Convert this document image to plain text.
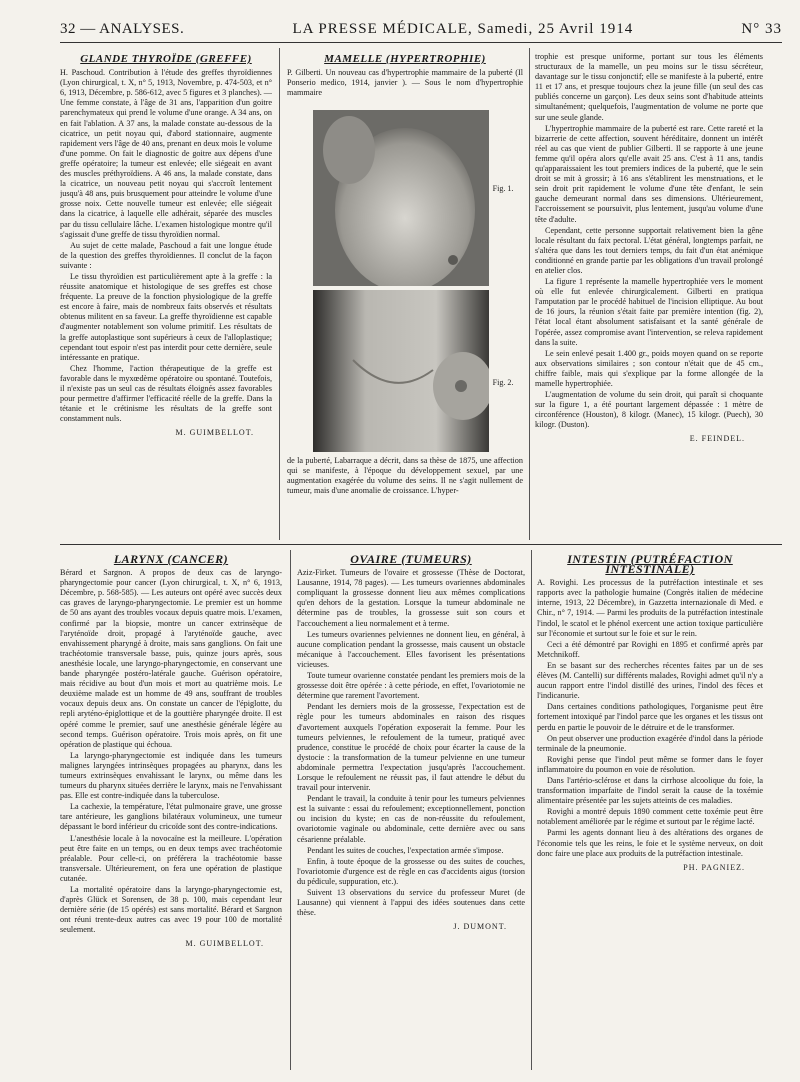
32 — ANALYSES.	LA PRESSE MÉDICALE, Samedi, 25 Avril 1914	N° 33
GLANDE THYROÏDE (GREFFE)

H. Paschoud. Contribution à l'étude des greffes thyroïdiennes (Lyon chirurgical, t. X, n° 5, 1913, Novembre, p. 474-503, et n° 6, 1913, Décembre, p. 586-612, avec 5 figures et 3 planches). — Une femme constate, à l'âge de 31 ans, l'apparition d'un goitre parenchymateux qui prend le volume d'une orange. A 34 ans, on en fait l'ablation. A 37 ans, la malade constate au-dessous de la cicatrice, un petit noyau qui, d'abord stationnaire, augmente rapidement vers l'âge de 40 ans, prenant en deux mois le volume d'une pomme. On fait le diagnostic de goitre aux dépens d'une greffe opératoire; la tumeur est enlevée; elle siégeait en avant des muscles préthyroïdiens. A 46 ans, la malade constate, dans la cicatrice, un nouveau petit noyau qui s'accroît lentement jusqu'à 48 ans, puis brusquement pour atteindre le volume d'une grosse noix. Cette nouvelle tumeur est enlevée; elle siégeait dans la cicatrice, à laquelle elle adhérait, séparée des muscles par du tissu cellulaire lâche. L'examen histologique montre qu'il s'agissait d'une greffe de tissu thyroïdien normal.

Au sujet de cette malade, Paschoud a fait une longue étude de la question des greffes thyroïdiennes. Il conclut de la façon suivante :

Le tissu thyroïdien est particulièrement apte à la greffe : la réussite anatomique et histologique de ses greffes est chose fréquente. La preuve de la fonction physiologique de la greffe est encore à faire, mais de nombreux faits observés et résultats obtenus militent en sa faveur. La greffe thyroïdienne est capable d'augmenter notablement son volume primitif. Les résultats de la greffe autoplastique sont supérieurs à ceux de l'alloplastique; cependant tout espoir n'est pas interdit pour cette dernière, seule intéressante en pratique.

Chez l'homme, l'action thérapeutique de la greffe est favorable dans le myxœdème opératoire ou spontané. Toutefois, il n'existe pas un seul cas de résultats éloignés assez favorables pour permettre d'affirmer l'efficacité réelle de la greffe. Dans la tétanie et le crétinisme les résultats de la greffe sont constamment nuls.

M. GUIMBELLOT.
MAMELLE (HYPERTROPHIE)

P. Gilberti. Un nouveau cas d'hypertrophie mammaire de la puberté (Il Ponserio medico, 1914, janvier ). — Sous le nom d'hypertrophie mammaire

Fig. 1.
Fig. 2.

de la puberté, Labarraque a décrit, dans sa thèse de 1875, une affection qui se manifeste, à l'époque du développement sexuel, par une augmentation exagérée du volume des seins. Il ne s'agit nullement de tumeur, mais d'une anomalie de croissance. L'hyper-

trophie est presque uniforme, portant sur tous les éléments structuraux de la mamelle, un peu moins sur le tissu sécréteur, davantage sur le tissu conjonctif; elle se manifeste à la puberté, entre 11 et 17 ans, et presque toujours chez la jeune fille (un seul des cas publiés concerne un garçon). Les deux seins sont d'habitude atteints simultanément; quelquefois, l'augmentation de volume ne porte que sur une seule glande.

L'hypertrophie mammaire de la puberté est rare. Cette rareté et la bizarrerie de cette affection, souvent héréditaire, donnent un intérêt réel au cas que vient de publier Gilberti. Il se rapporte à une jeune femme qu'il opéra alors qu'elle avait 25 ans. C'est à 11 ans, tandis qu'apparaissaient les tout premiers indices de la puberté, que le sein droit se mit à grossir; à 16 ans s'établirent les menstruations, et le sein droit prit rapidement le volume d'une tête d'enfant, le sein gauche demeurant normal dans ses dimensions. Ultérieurement, l'accroissement se poursuivit, plus lentement, jusqu'au volume d'une tête d'adulte.

Cependant, cette personne supportait relativement bien la gêne locale résultant du faix pectoral. L'état général, longtemps parfait, ne s'altéra que dans les tout derniers temps, du fait d'un état anémique conditionné en grande partie par les obligations d'un travail prolongé en atelier clos.

La figure 1 représente la mamelle hypertrophiée vers le moment où elle fut enlevée chirurgicalement. Gilberti en pratiqua l'amputation par le procédé habituel de l'incision elliptique. Au bout de 16 jours, la réunion s'était faite par première intention (fig. 2), l'état local étant absolument satisfaisant et la santé générale de l'opérée, assez compromise avant l'intervention, se releva rapidement dans la suite.

Le sein enlevé pesait 1.400 gr., poids moyen quand on se reporte aux observations similaires ; son contour n'était que de 45 cm., chiffre faible, mais qui s'explique par la forme allongée de la mamelle hypertrophiée.

L'augmentation de volume du sein droit, qui paraît si choquante sur la figure 1, a été pourtant largement dépassée : 1 mètre de circonférence (Houston), 8 kilogr. (Manec), 15 kilogr. (Puech), 30 kilogr. (Duston).

E. FEINDEL.
LARYNX (CANCER)

Bérard et Sargnon. A propos de deux cas de laryngo-pharyngectomie pour cancer (Lyon chirurgical, t. X, n° 6, 1913, Décembre, p. 568-585). — Les auteurs ont opéré avec succès deux cas graves de laryngo-pharyngectomie. Le premier est un homme de 50 ans ayant des troubles vocaux depuis quatre mois. L'examen, confirmé par la biopsie, montre un cancer extrinsèque de l'aryténoïde droit, propagé à l'aryténoïde gauche, avec envahissement pharyngé à droite, mais sans ganglions. On fait une trachéotomie transversale basse, puis, quinze jours après, sous anesthésie locale, une laryngo-pharyngectomie, en conservant une bande pharyngée postéro-latérale gauche. Guérison opératoire, mais récidive au bout d'un mois et mort au quatrième mois. Le deuxième malade est un homme de 49 ans, souffrant de troubles vocaux depuis deux ans. On constate un cancer de l'épiglotte, du repli aryténo-épiglottique et de la gouttière pharyngée droite. Il est opéré comme le premier, sauf une anesthésie générale légère au second temps. Guérison opératoire. Trois mois après, on fit une opération de plastique qui échoua.

La laryngo-pharyngectomie est indiquée dans les tumeurs malignes laryngées intrinsèques propagées au pharynx, dans les tumeurs extrinsèques envahissant le larynx, ou même dans les tumeurs du pharynx situées derrière le larynx, mais ne l'envahissant pas. Elle est contre-indiquée dans la tuberculose.

La cachexie, la température, l'état pulmonaire grave, une grosse tare antérieure, les ganglions bilatéraux volumineux, une tumeur dépassant le bord inférieur du cricoïde sont des contre-indications.

L'anesthésie locale à la novocaïne est la meilleure. L'opération peut être faite en un temps, ou en deux temps avec trachéotomie préalable. Pour celle-ci, on préférera la trachéotomie basse transversale. Ultérieurement, on fera une opération de plastique cutanée.

La mortalité opératoire dans la laryngo-pharyngectomie est, d'après Glück et Sorensen, de 38 p. 100, mais cependant leur dernière série (de 15 opérés) est sans mortalité. Bérard et Sargnon ont réuni trente-deux autres cas avec 19 pour 100 de mortalité seulement.

M. GUIMBELLOT.
OVAIRE (TUMEURS)

Aziz-Firket. Tumeurs de l'ovaire et grossesse (Thèse de Doctorat, Lausanne, 1914, 78 pages). — Les tumeurs ovariennes abdominales compliquant la grossesse donnent lieu aux mêmes complications qu'en dehors de la gestation. Lorsque la tumeur abdominale ne détermine pas de troubles, la grossesse suit son cours et l'accouchement a lieu normalement et à terme.

Les tumeurs ovariennes pelviennes ne donnent lieu, en général, à aucune complication pendant la grossesse, mais causent un obstacle mécanique à l'accouchement. Elles favorisent les présentations vicieuses.

Toute tumeur ovarienne constatée pendant les premiers mois de la grossesse doit être opérée : à cette période, en effet, l'ovariotomie ne détermine que rarement l'avortement.

Pendant les derniers mois de la grossesse, l'expectation est de règle pour les tumeurs abdominales en raison des risques d'avortement auxquels l'opération exposerait la femme. Pour les tumeurs pelviennes, le refoulement de la tumeur, pratiqué avec prudence, constitue le procédé de choix pour écarter la cause de la dystocie : la transformation de la tumeur pelvienne en une tumeur abdominale permettra l'expectation jusqu'après l'accouchement. Lorsque le refoulement ne réussit pas, il faut attendre le début du travail pour intervenir.

Pendant le travail, la conduite à tenir pour les tumeurs pelviennes est la suivante : essai du refoulement; exceptionnellement, ponction ou incision du kyste; en cas de non-réussite du refoulement, ovariotomie vaginale ou abdominale, cette dernière avec ou sans césarienne préalable.

Pendant les suites de couches, l'expectation armée s'impose.

Enfin, à toute époque de la grossesse ou des suites de couches, l'ovariotomie d'urgence est de règle en cas d'accidents aigus (torsion du pédicule, suppuration, etc.).

Suivent 13 observations du service du professeur Muret (de Lausanne) qui viennent à l'appui des idées soutenues dans cette thèse.

J. DUMONT.
INTESTIN (PUTRÉFACTION INTESTINALE)

A. Rovighi. Les processus de la putréfaction intestinale et ses rapports avec la pathologie humaine (Congrès italien de médecine interne, 1913, 22 Décembre), in Gazzetta internazionale di Med. e Chir., n° 7, 1914. — Parmi les produits de la putréfaction intestinale l'indol, le scatol et le phénol exercent une action toxique particulière sur l'économie et surtout sur le foie et sur le rein.

Ceci a été démontré par Rovighi en 1895 et confirmé après par Metchnikoff.

En se basant sur des recherches récentes faites par un de ses élèves (M. Cantelli) sur différents malades, Rovighi admet qu'il n'y a aucun rapport entre l'indol distillé des urines, l'indol des fèces et l'indicanurie.

Dans certaines conditions pathologiques, l'organisme peut être fortement intoxiqué par l'indol parce que les organes et les tissus ont perdu en partie le pouvoir de le détruire et de le transformer.

On peut observer une production exagérée d'indol dans la période terminale de la pneumonie.

Rovighi pense que l'indol peut même se former dans le foyer inflammatoire du poumon en voie de résolution.

Dans l'artério-sclérose et dans la cirrhose alcoolique du foie, la transformation imparfaite de l'indol serait la cause de la toxémie alimentaire présentée par les sujets atteints de ces maladies.

Rovighi a montré depuis 1890 comment cette toxémie peut être notablement améliorée par le régime et surtout par le régime lacté.

Parmi les agents donnant lieu à des altérations des organes de l'économie tels que les reins, le foie et le système nerveux, on doit donc faire une place aux produits de la putréfaction intestinale.

PH. PAGNIEZ.
